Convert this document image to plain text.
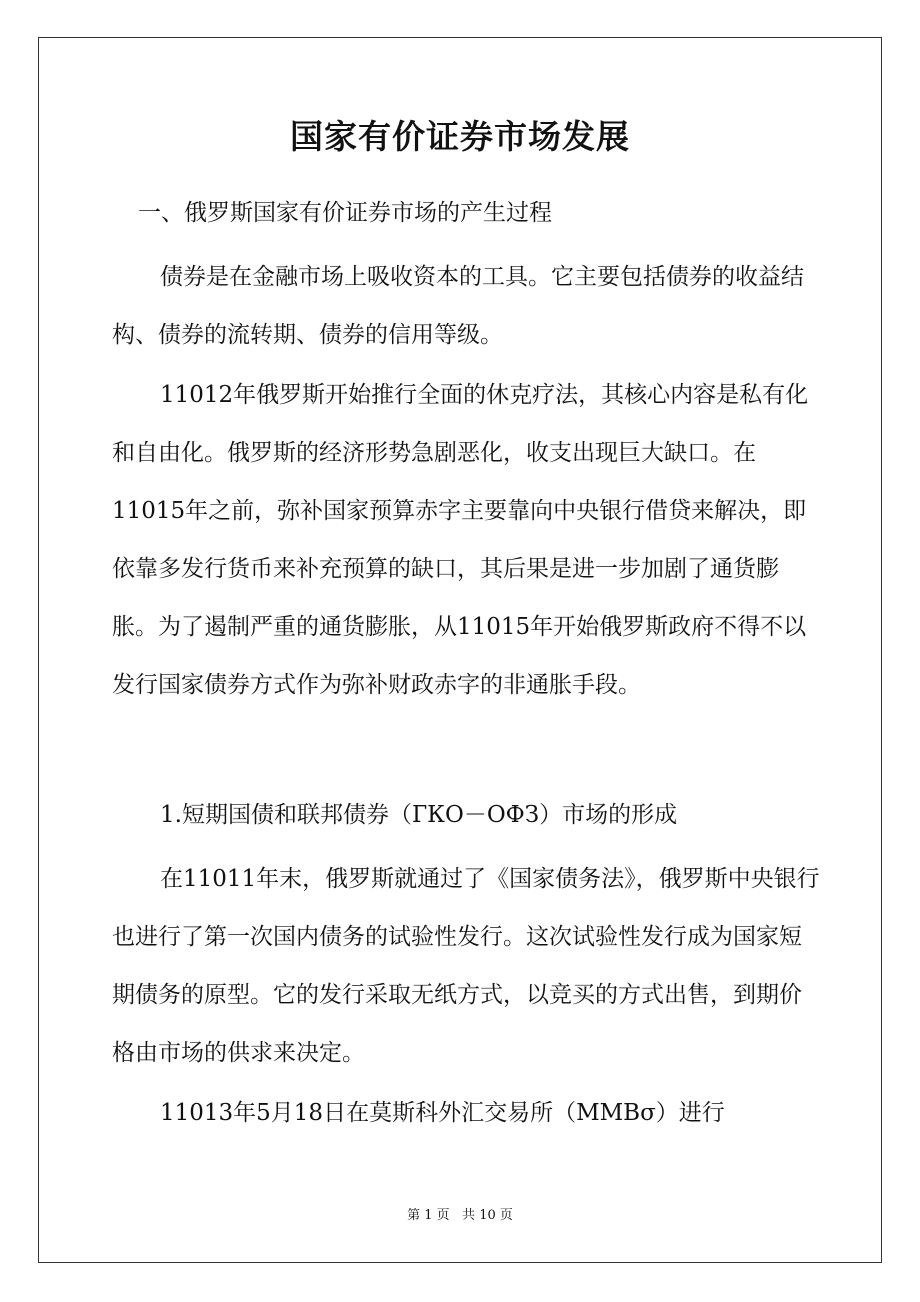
国家有价证券市场发展
一、俄罗斯国家有价证券市场的产生过程

债券是在金融市场上吸收资本的工具。它主要包括债券的收益结构、债券的流转期、债券的信用等级。

11012年俄罗斯开始推行全面的休克疗法，其核心内容是私有化和自由化。俄罗斯的经济形势急剧恶化，收支出现巨大缺口。在11015年之前，弥补国家预算赤字主要靠向中央银行借贷来解决，即依靠多发行货币来补充预算的缺口，其后果是进一步加剧了通货膨胀。为了遏制严重的通货膨胀，从11015年开始俄罗斯政府不得不以发行国家债券方式作为弥补财政赤字的非通胀手段。

1.短期国债和联邦债券（ГКО－ОФЗ）市场的形成

在11011年末，俄罗斯就通过了《国家债务法》，俄罗斯中央银行也进行了第一次国内债务的试验性发行。这次试验性发行成为国家短期债务的原型。它的发行采取无纸方式，以竞买的方式出售，到期价格由市场的供求来决定。

11013年5月18日在莫斯科外汇交易所（ММВσ）进行

第 1 页   共 10 页
